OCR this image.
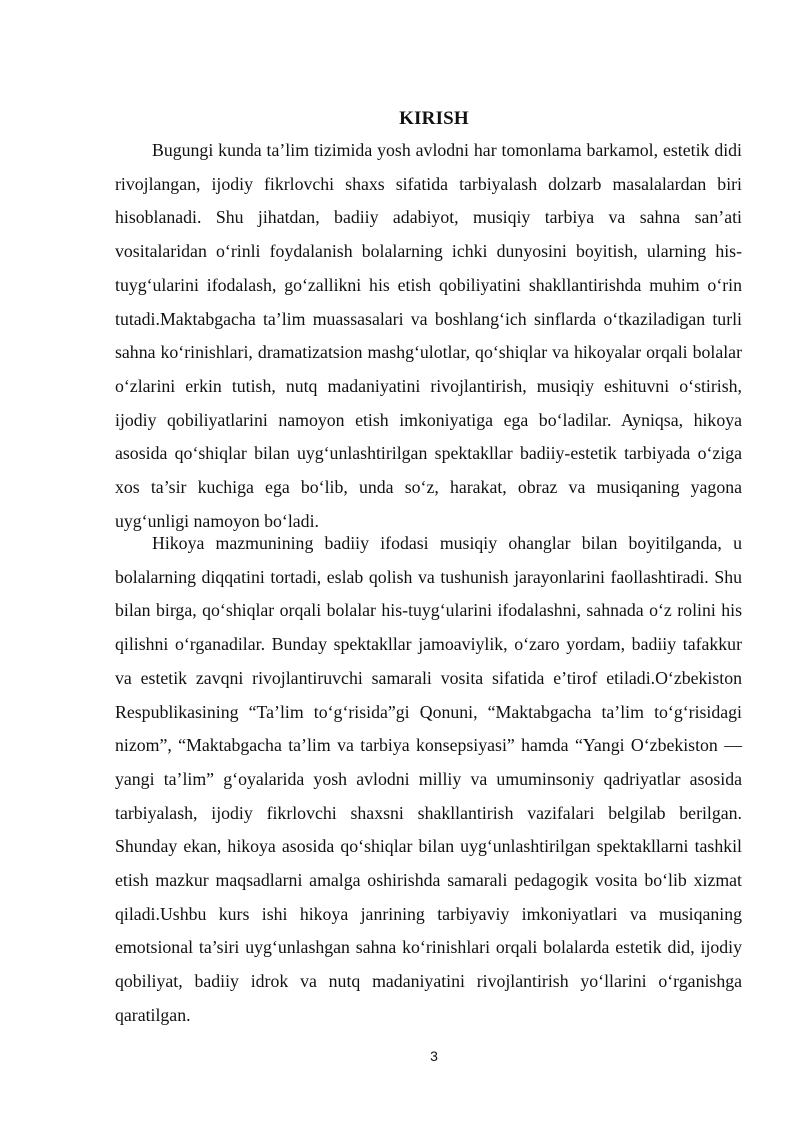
KIRISH

Bugungi kunda ta’lim tizimida yosh avlodni har tomonlama barkamol, estetik didi rivojlangan, ijodiy fikrlovchi shaxs sifatida tarbiyalash dolzarb masalalardan biri hisoblanadi. Shu jihatdan, badiiy adabiyot, musiqiy tarbiya va sahna san’ati vositalaridan o‘rinli foydalanish bolalarning ichki dunyosini boyitish, ularning his-tuyg‘ularini ifodalash, go‘zallikni his etish qobiliyatini shakllantirishda muhim o‘rin tutadi.Maktabgacha ta’lim muassasalari va boshlang‘ich sinflarda o‘tkaziladigan turli sahna ko‘rinishlari, dramatizatsion mashg‘ulotlar, qo‘shiqlar va hikoyalar orqali bolalar o‘zlarini erkin tutish, nutq madaniyatini rivojlantirish, musiqiy eshituvni o‘stirish, ijodiy qobiliyatlarini namoyon etish imkoniyatiga ega bo‘ladilar. Ayniqsa, hikoya asosida qo‘shiqlar bilan uyg‘unlashtirilgan spektakllar badiiy-estetik tarbiyada o‘ziga xos ta’sir kuchiga ega bo‘lib, unda so‘z, harakat, obraz va musiqaning yagona uyg‘unligi namoyon bo‘ladi.

Hikoya mazmunining badiiy ifodasi musiqiy ohanglar bilan boyitilganda, u bolalarning diqqatini tortadi, eslab qolish va tushunish jarayonlarini faollashtiradi. Shu bilan birga, qo‘shiqlar orqali bolalar his-tuyg‘ularini ifodalashni, sahnada o‘z rolini his qilishni o‘rganadilar. Bunday spektakllar jamoaviylik, o‘zaro yordam, badiiy tafakkur va estetik zavqni rivojlantiruvchi samarali vosita sifatida e’tirof etiladi.O‘zbekiston Respublikasining “Ta’lim to‘g‘risida”gi Qonuni, “Maktabgacha ta’lim to‘g‘risidagi nizom”, “Maktabgacha ta’lim va tarbiya konsepsiyasi” hamda “Yangi O‘zbekiston — yangi ta’lim” g‘oyalarida yosh avlodni milliy va umuminsoniy qadriyatlar asosida tarbiyalash, ijodiy fikrlovchi shaxsni shakllantirish vazifalari belgilab berilgan. Shunday ekan, hikoya asosida qo‘shiqlar bilan uyg‘unlashtirilgan spektakllarni tashkil etish mazkur maqsadlarni amalga oshirishda samarali pedagogik vosita bo‘lib xizmat qiladi.Ushbu kurs ishi hikoya janrining tarbiyaviy imkoniyatlari va musiqaning emotsional ta’siri uyg‘unlashgan sahna ko‘rinishlari orqali bolalarda estetik did, ijodiy qobiliyat, badiiy idrok va nutq madaniyatini rivojlantirish yo‘llarini o‘rganishga qaratilgan.

3
